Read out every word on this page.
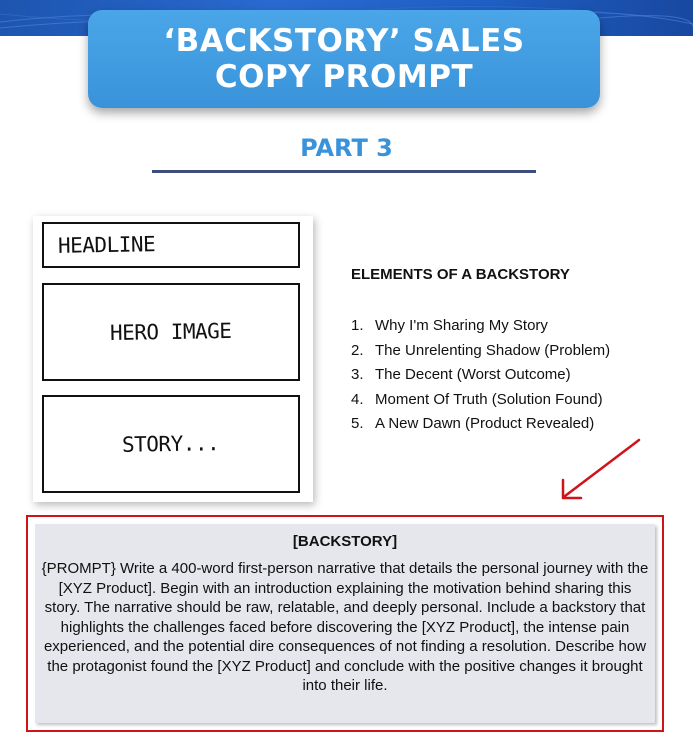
‘BACKSTORY’ SALES
COPY PROMPT
PART 3
HEADLINE
HERO IMAGE
STORY...
ELEMENTS OF A BACKSTORY
1. Why I'm Sharing My Story
2. The Unrelenting Shadow (Problem)
3. The Decent (Worst Outcome)
4. Moment Of Truth (Solution Found)
5. A New Dawn (Product Revealed)
[BACKSTORY]
{PROMPT} Write a 400-word first-person narrative that details the personal journey with the [XYZ Product]. Begin with an introduction explaining the motivation behind sharing this story. The narrative should be raw, relatable, and deeply personal. Include a backstory that highlights the challenges faced before discovering the [XYZ Product], the intense pain experienced, and the potential dire consequences of not finding a resolution. Describe how the protagonist found the [XYZ Product] and conclude with the positive changes it brought into their life.
